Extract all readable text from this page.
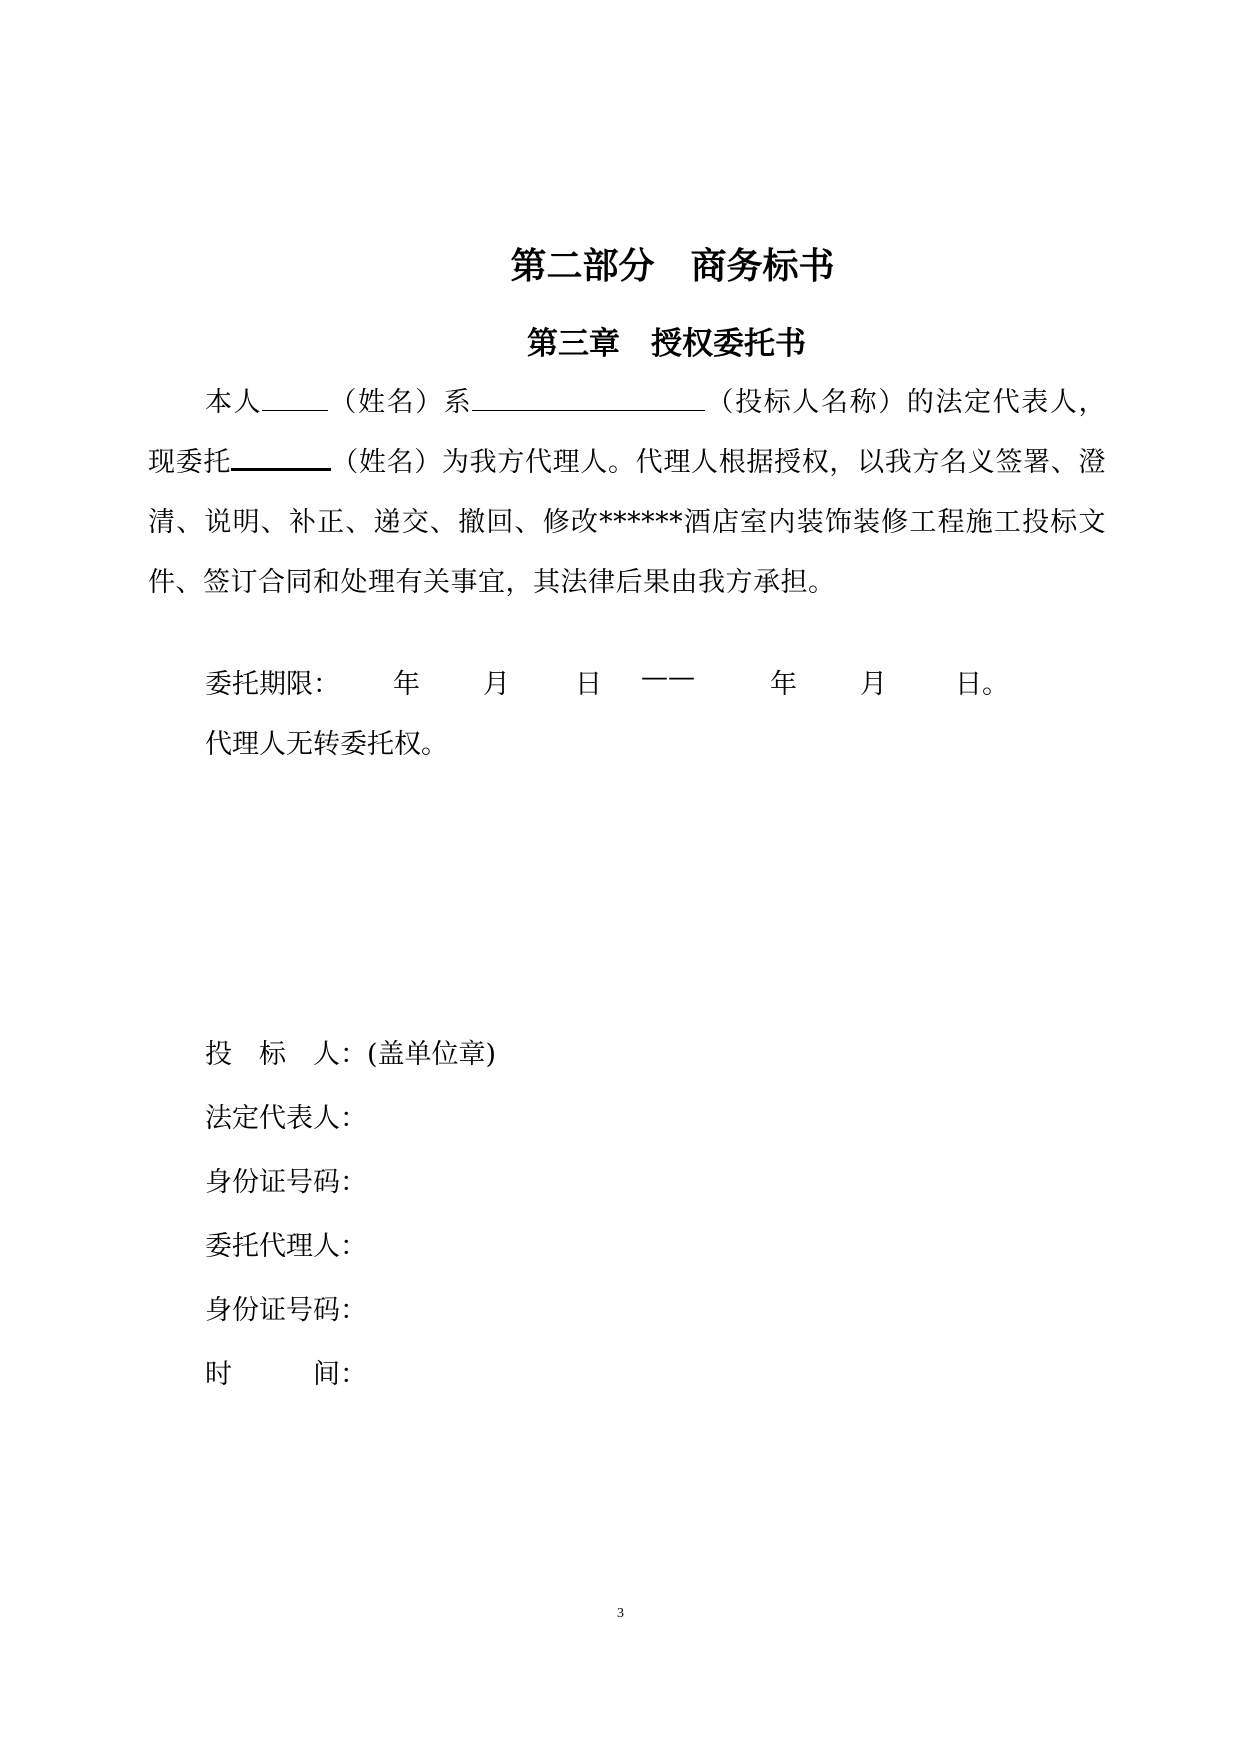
第二部分　商务标书
第三章　授权委托书

本人 （姓名）系	（投标人名称）的法定代表人，现委托	（姓名）为我方代理人。代理人根据授权，以我方名义签署、澄清、说明、补正、递交、撤回、修改******酒店室内装饰装修工程施工投标文件、签订合同和处理有关事宜，其法律后果由我方承担。

委托期限： 年 月 日 ——	年 月	日。
代理人无转委托权。
投　标　人：(盖单位章)
法定代表人：
身份证号码：
委托代理人：
身份证号码：
时　　　间：
3
